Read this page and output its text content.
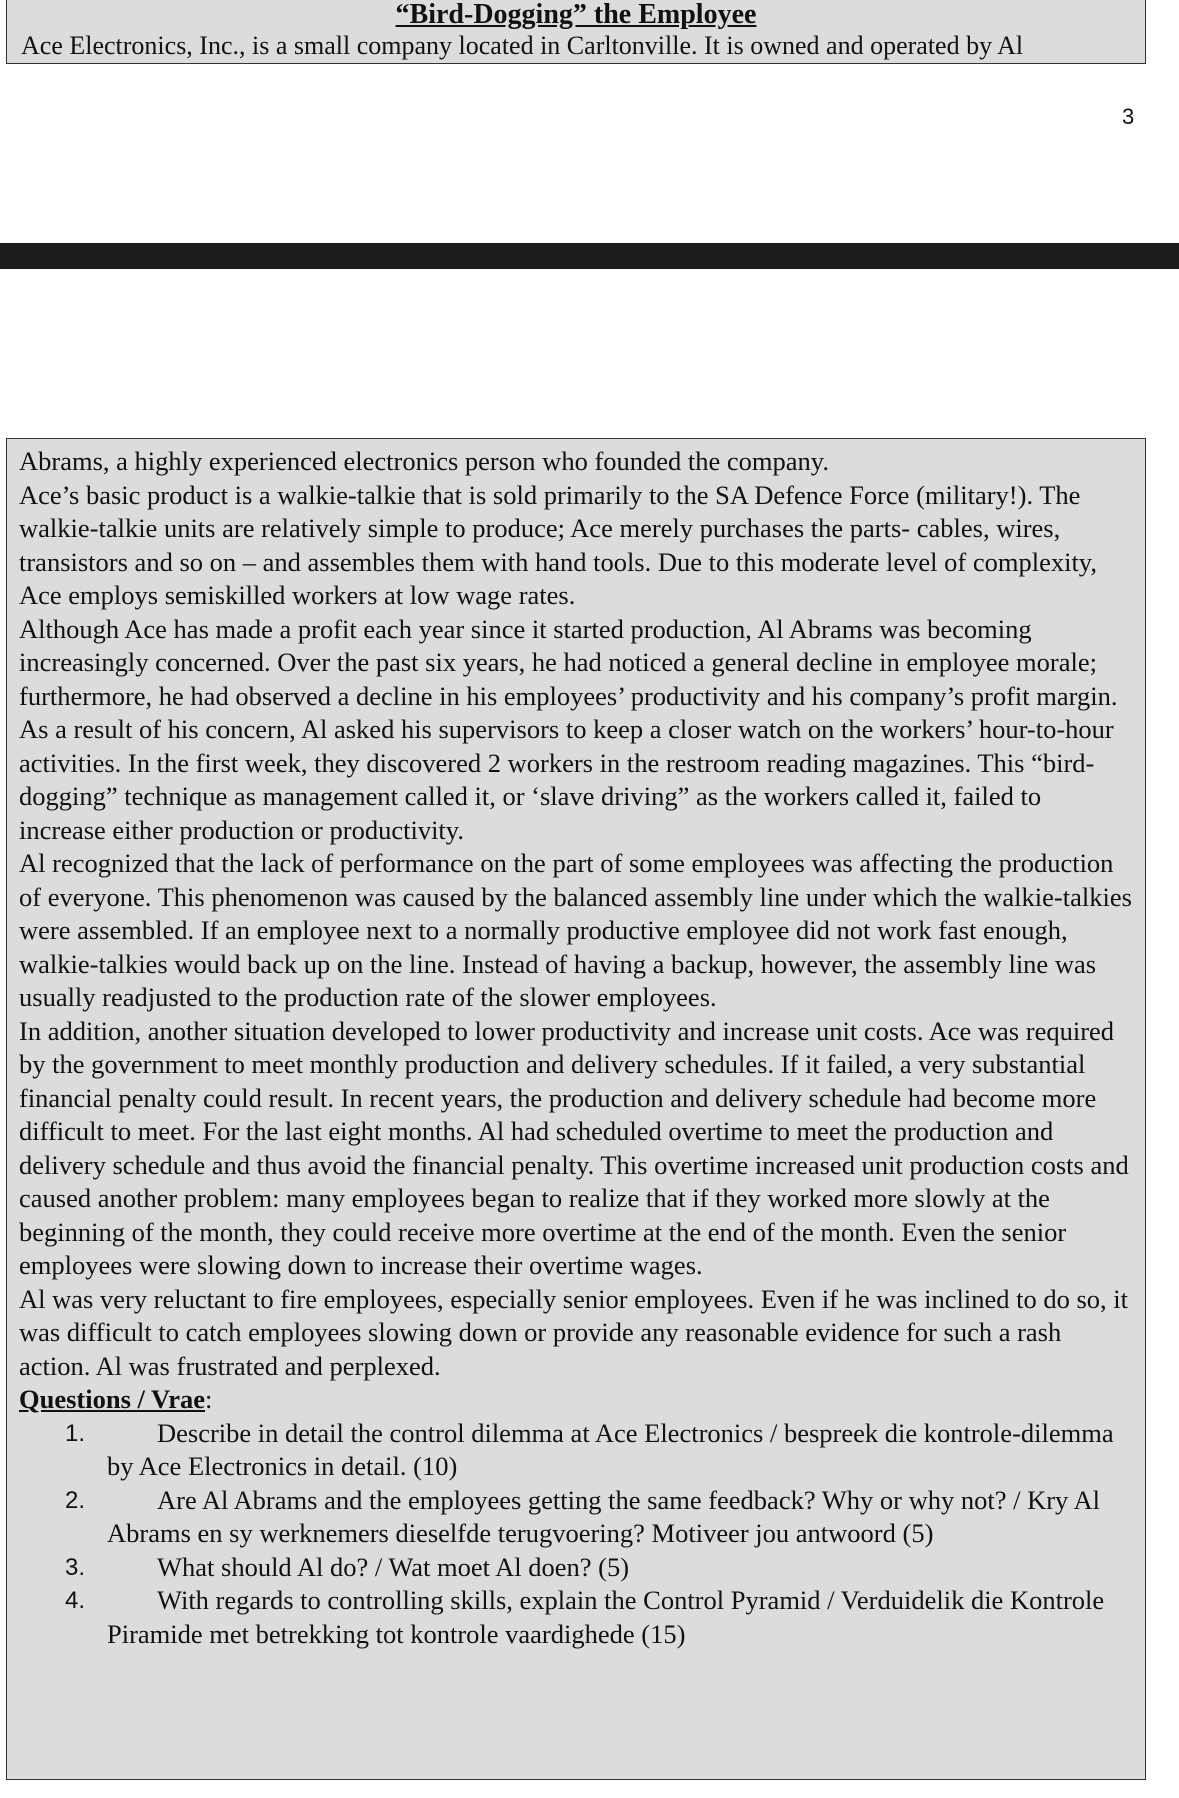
“Bird-Dogging” the Employee
Ace Electronics, Inc., is a small company located in Carltonville. It is owned and operated by Al
3

Abrams, a highly experienced electronics person who founded the company.

Ace’s basic product is a walkie-talkie that is sold primarily to the SA Defence Force (military!). The walkie-talkie units are relatively simple to produce; Ace merely purchases the parts- cables, wires, transistors and so on – and assembles them with hand tools. Due to this moderate level of complexity, Ace employs semiskilled workers at low wage rates.

Although Ace has made a profit each year since it started production, Al Abrams was becoming increasingly concerned. Over the past six years, he had noticed a general decline in employee morale; furthermore, he had observed a decline in his employees’ productivity and his company’s profit margin.

As a result of his concern, Al asked his supervisors to keep a closer watch on the workers’ hour-to-hour activities. In the first week, they discovered 2 workers in the restroom reading magazines. This “bird-dogging” technique as management called it, or ‘slave driving” as the workers called it, failed to increase either production or productivity.

Al recognized that the lack of performance on the part of some employees was affecting the production of everyone. This phenomenon was caused by the balanced assembly line under which the walkie-talkies were assembled. If an employee next to a normally productive employee did not work fast enough, walkie-talkies would back up on the line. Instead of having a backup, however, the assembly line was usually readjusted to the production rate of the slower employees.

In addition, another situation developed to lower productivity and increase unit costs. Ace was required by the government to meet monthly production and delivery schedules. If it failed, a very substantial financial penalty could result. In recent years, the production and delivery schedule had become more difficult to meet. For the last eight months. Al had scheduled overtime to meet the production and delivery schedule and thus avoid the financial penalty. This overtime increased unit production costs and caused another problem: many employees began to realize that if they worked more slowly at the beginning of the month, they could receive more overtime at the end of the month. Even the senior employees were slowing down to increase their overtime wages.

Al was very reluctant to fire employees, especially senior employees. Even if he was inclined to do so, it was difficult to catch employees slowing down or provide any reasonable evidence for such a rash action. Al was frustrated and perplexed.

Questions / Vrae:
1.	Describe in detail the control dilemma at Ace Electronics / bespreek die kontrole-dilemma by Ace Electronics in detail. (10)
2.	Are Al Abrams and the employees getting the same feedback? Why or why not? / Kry Al Abrams en sy werknemers dieselfde terugvoering? Motiveer jou antwoord (5)
3.	What should Al do? / Wat moet Al doen? (5)
4.	With regards to controlling skills, explain the Control Pyramid / Verduidelik die Kontrole Piramide met betrekking tot kontrole vaardighede (15)
